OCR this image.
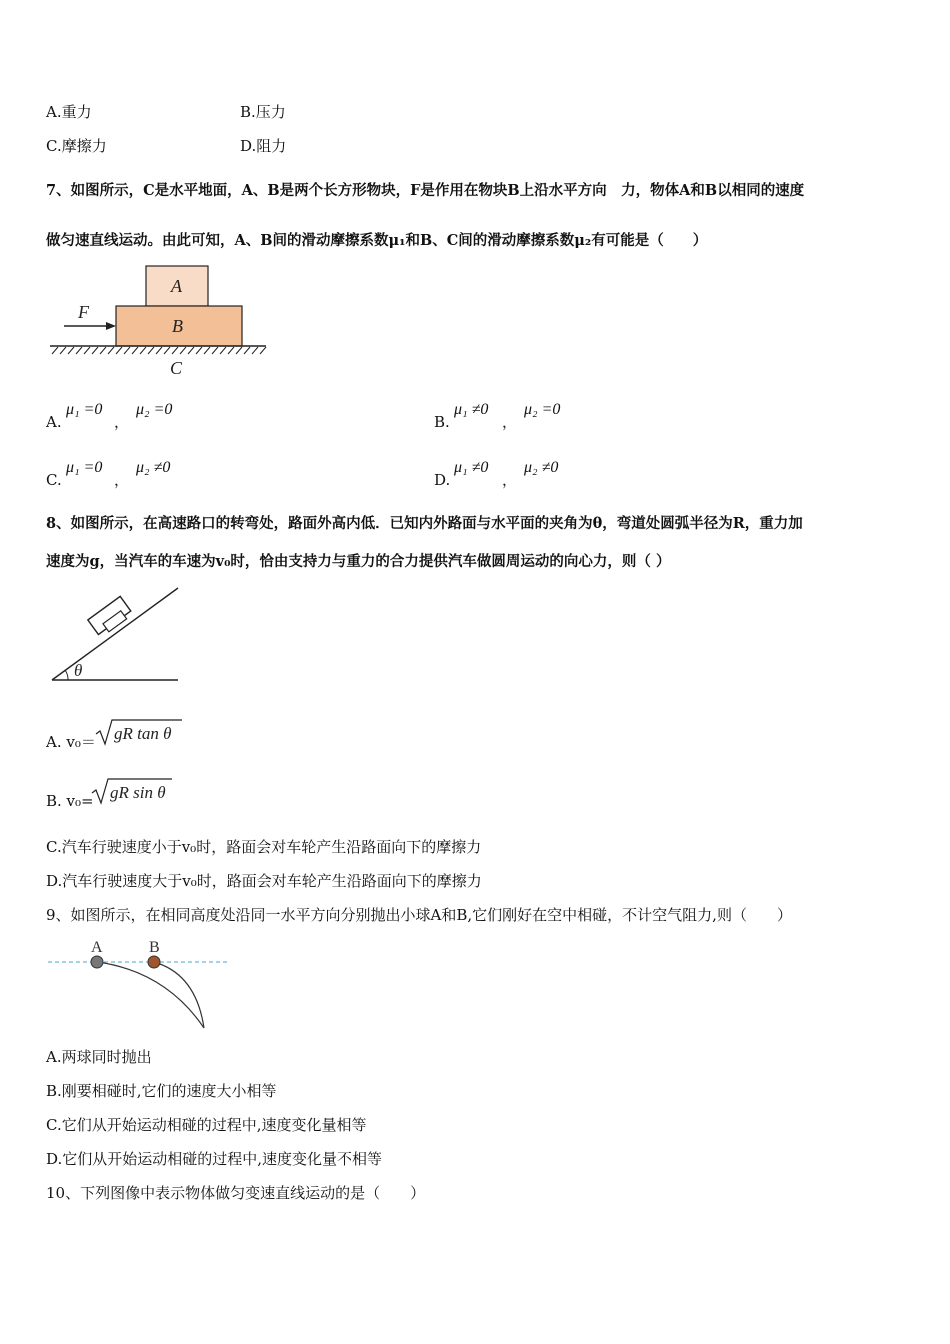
A.重力	B.压力
C.摩擦力	D.阻力
7、如图所示，C是水平地面，A、B是两个长方形物块，F是作用在物块B上沿水平方向　力，物体A和B以相同的速度
做匀速直线运动。由此可知，A、B间的滑动摩擦系数μ₁和B、C间的滑动摩擦系数μ₂有可能是（　　）
F
A
B
C
A.
μ₁ =0
，
μ₂ =0
B.
μ₁ ≠0
，
μ₂ =0
C.
μ₁ =0
，
μ₂ ≠0
D.
μ₁ ≠0
，
μ₂ ≠0
8、如图所示，在高速路口的转弯处，路面外高内低．已知内外路面与水平面的夹角为θ，弯道处圆弧半径为R，重力加
速度为g，当汽车的车速为v₀时，恰由支持力与重力的合力提供汽车做圆周运动的向心力，则（ ）
θ
A. v₀＝ gR tan θ
B. v₀= gR sin θ
C.汽车行驶速度小于v₀时，路面会对车轮产生沿路面向下的摩擦力
D.汽车行驶速度大于v₀时，路面会对车轮产生沿路面向下的摩擦力
9、如图所示，在相同高度处沿同一水平方向分别抛出小球A和B,它们刚好在空中相碰，不计空气阻力,则（　　）
A	B
A.两球同时抛出
B.刚要相碰时,它们的速度大小相等
C.它们从开始运动相碰的过程中,速度变化量相等
D.它们从开始运动相碰的过程中,速度变化量不相等
10、下列图像中表示物体做匀变速直线运动的是（　　）
